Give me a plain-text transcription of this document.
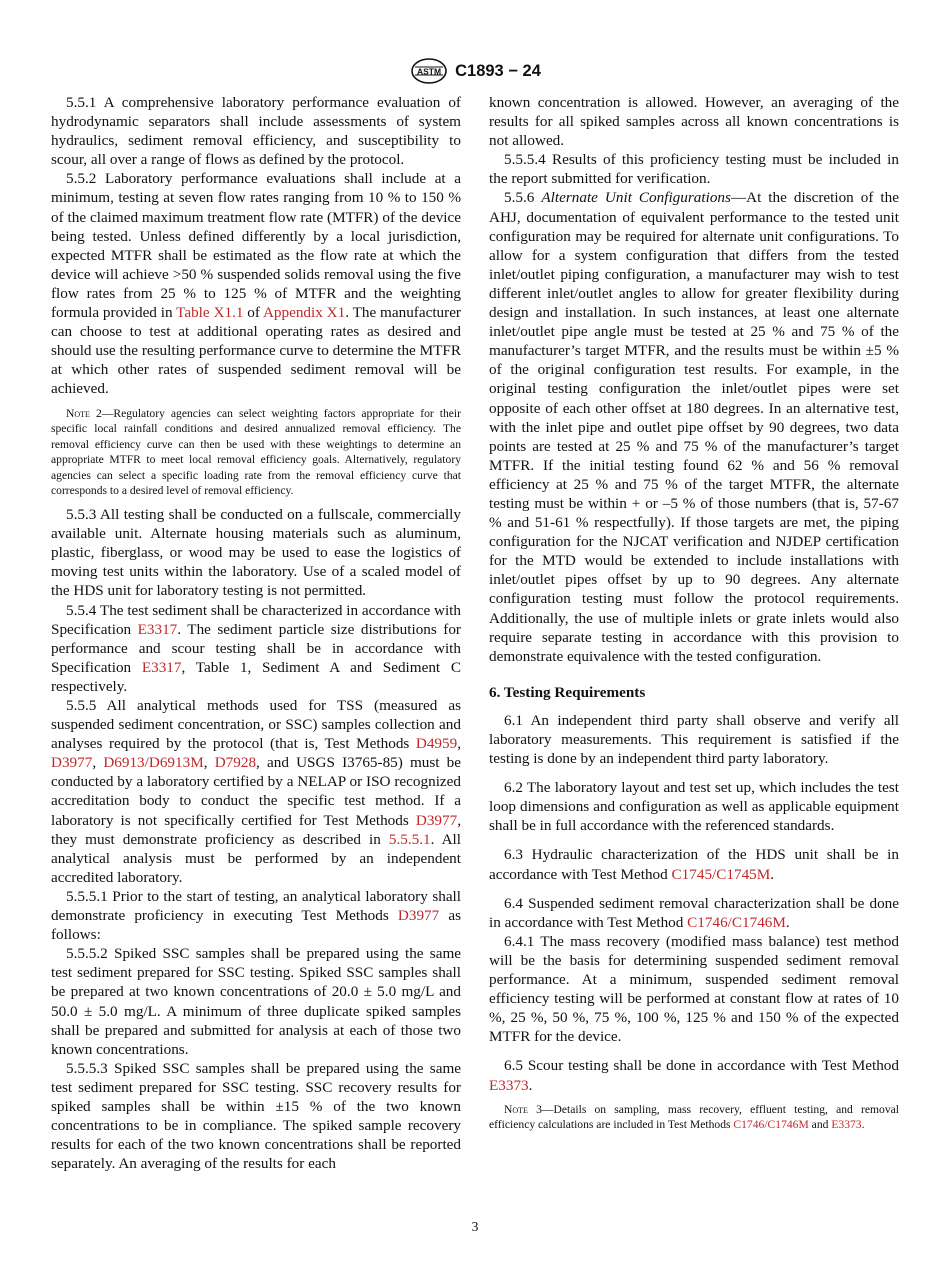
ASTM C1893 − 24

5.5.1 A comprehensive laboratory performance evaluation of hydrodynamic separators shall include assessments of system hydraulics, sediment removal efficiency, and susceptibility to scour, all over a range of flows as defined by the protocol.

5.5.2 Laboratory performance evaluations shall include at a minimum, testing at seven flow rates ranging from 10 % to 150 % of the claimed maximum treatment flow rate (MTFR) of the device being tested. Unless defined differently by a local jurisdiction, expected MTFR shall be estimated as the flow rate at which the device will achieve >50 % suspended solids removal using the five flow rates from 25 % to 125 % of MTFR and the weighting formula provided in Table X1.1 of Appendix X1. The manufacturer can choose to test at additional operating rates as desired and should use the resulting performance curve to determine the MTFR at which other rates of suspended sediment removal will be achieved.

Note 2—Regulatory agencies can select weighting factors appropriate for their specific local rainfall conditions and desired annualized removal efficiency. The removal efficiency curve can then be used with these weightings to determine an appropriate MTFR to meet local removal efficiency goals. Alternatively, regulatory agencies can select a specific loading rate from the removal efficiency curve that corresponds to a desired level of removal efficiency.

5.5.3 All testing shall be conducted on a fullscale, commercially available unit. Alternate housing materials such as aluminum, plastic, fiberglass, or wood may be used to ease the logistics of moving test units within the laboratory. Use of a scaled model of the HDS unit for laboratory testing is not permitted.

5.5.4 The test sediment shall be characterized in accordance with Specification E3317. The sediment particle size distributions for performance and scour testing shall be in accordance with Specification E3317, Table 1, Sediment A and Sediment C respectively.

5.5.5 All analytical methods used for TSS (measured as suspended sediment concentration, or SSC) samples collection and analyses required by the protocol (that is, Test Methods D4959, D3977, D6913/D6913M, D7928, and USGS I3765-85) must be conducted by a laboratory certified by a NELAP or ISO recognized accreditation body to conduct the specific test method. If a laboratory is not specifically certified for Test Methods D3977, they must demonstrate proficiency as described in 5.5.5.1. All analytical analysis must be performed by an independent accredited laboratory.

5.5.5.1 Prior to the start of testing, an analytical laboratory shall demonstrate proficiency in executing Test Methods D3977 as follows:

5.5.5.2 Spiked SSC samples shall be prepared using the same test sediment prepared for SSC testing. Spiked SSC samples shall be prepared at two known concentrations of 20.0 ± 5.0 mg/L and 50.0 ± 5.0 mg/L. A minimum of three duplicate spiked samples shall be prepared and submitted for analysis at each of those two known concentrations.

5.5.5.3 Spiked SSC samples shall be prepared using the same test sediment prepared for SSC testing. SSC recovery results for spiked samples shall be within ±15 % of the two known concentrations to be in compliance. The spiked sample recovery results for each of the two known concentrations shall be reported separately. An averaging of the results for each

known concentration is allowed. However, an averaging of the results for all spiked samples across all known concentrations is not allowed.

5.5.5.4 Results of this proficiency testing must be included in the report submitted for verification.

5.5.6 Alternate Unit Configurations—At the discretion of the AHJ, documentation of equivalent performance to the tested unit configuration may be required for alternate unit configurations. To allow for a system configuration that differs from the tested inlet/outlet piping configuration, a manufacturer may wish to test different inlet/outlet angles to allow for greater flexibility during design and installation. In such instances, at least one alternate inlet/outlet pipe angle must be tested at 25 % and 75 % of the manufacturer’s target MTFR, and the results must be within ±5 % of the original configuration test results. For example, in the original testing configuration the inlet/outlet pipes were set opposite of each other offset at 180 degrees. In an alternative test, with the inlet pipe and outlet pipe offset by 90 degrees, two data points are tested at 25 % and 75 % of the manufacturer’s target MTFR. If the initial testing found 62 % and 56 % removal efficiency at 25 % and 75 % of the target MTFR, the alternate testing must be within + or –5 % of those numbers (that is, 57-67 % and 51-61 % respectfully). If those targets are met, the piping configuration for the NJCAT verification and NJDEP certification for the MTD would be extended to include installations with inlet/outlet pipes offset by up to 90 degrees. Any alternate configuration testing must follow the protocol requirements. Additionally, the use of multiple inlets or grate inlets would also require separate testing in accordance with this provision to demonstrate equivalence with the tested configuration.

6. Testing Requirements

6.1 An independent third party shall observe and verify all laboratory measurements. This requirement is satisfied if the testing is done by an independent third party laboratory.

6.2 The laboratory layout and test set up, which includes the test loop dimensions and configuration as well as applicable equipment shall be in full accordance with the referenced standards.

6.3 Hydraulic characterization of the HDS unit shall be in accordance with Test Method C1745/C1745M.

6.4 Suspended sediment removal characterization shall be done in accordance with Test Method C1746/C1746M.

6.4.1 The mass recovery (modified mass balance) test method will be the basis for determining suspended sediment removal performance. At a minimum, suspended sediment removal efficiency testing will be performed at constant flow at rates of 10 %, 25 %, 50 %, 75 %, 100 %, 125 % and 150 % of the expected MTFR for the device.

6.5 Scour testing shall be done in accordance with Test Method E3373.

Note 3—Details on sampling, mass recovery, effluent testing, and removal efficiency calculations are included in Test Methods C1746/C1746M and E3373.
3
